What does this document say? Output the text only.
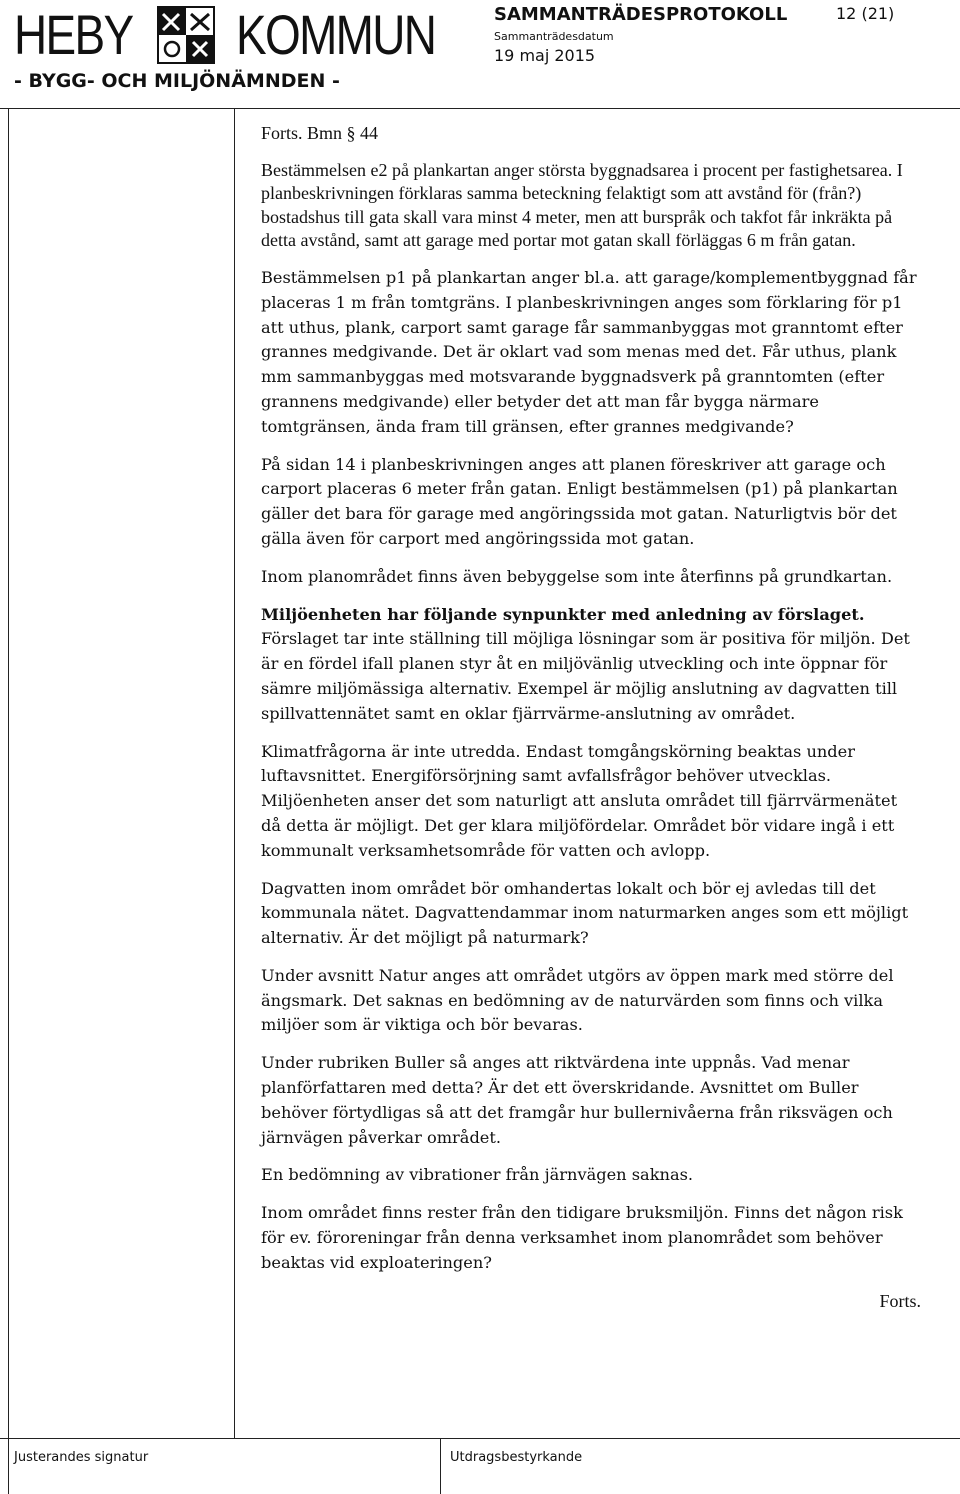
HEBY KOMMUN
- BYGG- OCH MILJÖNÄMNDEN -
SAMMANTRÄDESPROTOKOLL	12 (21)
Sammanträdesdatum
19 maj 2015

Forts. Bmn § 44

Bestämmelsen e2 på plankartan anger största byggnadsarea i procent per fastighetsarea. I planbeskrivningen förklaras samma beteckning felaktigt som att avstånd för (från?) bostadshus till gata skall vara minst 4 meter, men att burspråk och takfot får inkräkta på detta avstånd, samt att garage med portar mot gatan skall förläggas 6 m från gatan.

Bestämmelsen p1 på plankartan anger bl.a. att garage/komplementbyggnad får placeras 1 m från tomtgräns. I planbeskrivningen anges som förklaring för p1 att uthus, plank, carport samt garage får sammanbyggas mot granntomt efter grannes medgivande. Det är oklart vad som menas med det. Får uthus, plank mm sammanbyggas med motsvarande byggnadsverk på granntomten (efter grannens medgivande) eller betyder det att man får bygga närmare tomtgränsen, ända fram till gränsen, efter grannes medgivande?

På sidan 14 i planbeskrivningen anges att planen föreskriver att garage och carport placeras 6 meter från gatan. Enligt bestämmelsen (p1) på plankartan gäller det bara för garage med angöringssida mot gatan. Naturligtvis bör det gälla även för carport med angöringssida mot gatan.

Inom planområdet finns även bebyggelse som inte återfinns på grundkartan.

Miljöenheten har följande synpunkter med anledning av förslaget.
Förslaget tar inte ställning till möjliga lösningar som är positiva för miljön. Det är en fördel ifall planen styr åt en miljövänlig utveckling och inte öppnar för sämre miljömässiga alternativ. Exempel är möjlig anslutning av dagvatten till spillvattennätet samt en oklar fjärrvärme-anslutning av området.

Klimatfrågorna är inte utredda. Endast tomgångskörning beaktas under luftavsnittet. Energiförsörjning samt avfallsfrågor behöver utvecklas. Miljöenheten anser det som naturligt att ansluta området till fjärrvärmenätet då detta är möjligt. Det ger klara miljöfördelar. Området bör vidare ingå i ett kommunalt verksamhetsområde för vatten och avlopp.

Dagvatten inom området bör omhandertas lokalt och bör ej avledas till det kommunala nätet. Dagvattendammar inom naturmarken anges som ett möjligt alternativ. Är det möjligt på naturmark?

Under avsnitt Natur anges att området utgörs av öppen mark med större del ängsmark. Det saknas en bedömning av de naturvärden som finns och vilka miljöer som är viktiga och bör bevaras.

Under rubriken Buller så anges att riktvärdena inte uppnås. Vad menar planförfattaren med detta? Är det ett överskridande. Avsnittet om Buller behöver förtydligas så att det framgår hur bullernivåerna från riksvägen och järnvägen påverkar området.

En bedömning av vibrationer från järnvägen saknas.

Inom området finns rester från den tidigare bruksmiljön. Finns det någon risk för ev. föroreningar från denna verksamhet inom planområdet som behöver beaktas vid exploateringen?

Forts.
Justerandes signatur	Utdragsbestyrkande
